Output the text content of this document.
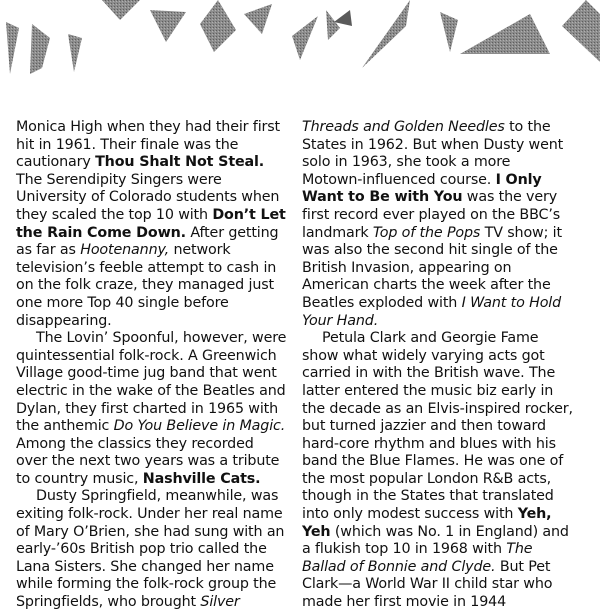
Monica High when they had their first hit in 1961. Their finale was the cautionary Thou Shalt Not Steal. The Serendipity Singers were University of Colorado students when they scaled the top 10 with Don’t Let the Rain Come Down. After getting as far as Hootenanny, network television’s feeble attempt to cash in on the folk craze, they managed just one more Top 40 single before disappearing.

The Lovin’ Spoonful, however, were quintessential folk-rock. A Greenwich Village good-time jug band that went electric in the wake of the Beatles and Dylan, they first charted in 1965 with the anthemic Do You Believe in Magic. Among the classics they recorded over the next two years was a tribute to country music, Nashville Cats.

Dusty Springfield, meanwhile, was exiting folk-rock. Under her real name of Mary O’Brien, she had sung with an early-’60s British pop trio called the Lana Sisters. She changed her name while forming the folk-rock group the Springfields, who brought Silver

Threads and Golden Needles to the States in 1962. But when Dusty went solo in 1963, she took a more Motown-influenced course. I Only Want to Be with You was the very first record ever played on the BBC’s landmark Top of the Pops TV show; it was also the second hit single of the British Invasion, appearing on American charts the week after the Beatles exploded with I Want to Hold Your Hand.

Petula Clark and Georgie Fame show what widely varying acts got carried in with the British wave. The latter entered the music biz early in the decade as an Elvis-inspired rocker, but turned jazzier and then toward hard-core rhythm and blues with his band the Blue Flames. He was one of the most popular London R&B acts, though in the States that translated into only modest success with Yeh, Yeh (which was No. 1 in England) and a flukish top 10 in 1968 with The Ballad of Bonnie and Clyde. But Pet Clark—a World War II child star who made her first movie in 1944
